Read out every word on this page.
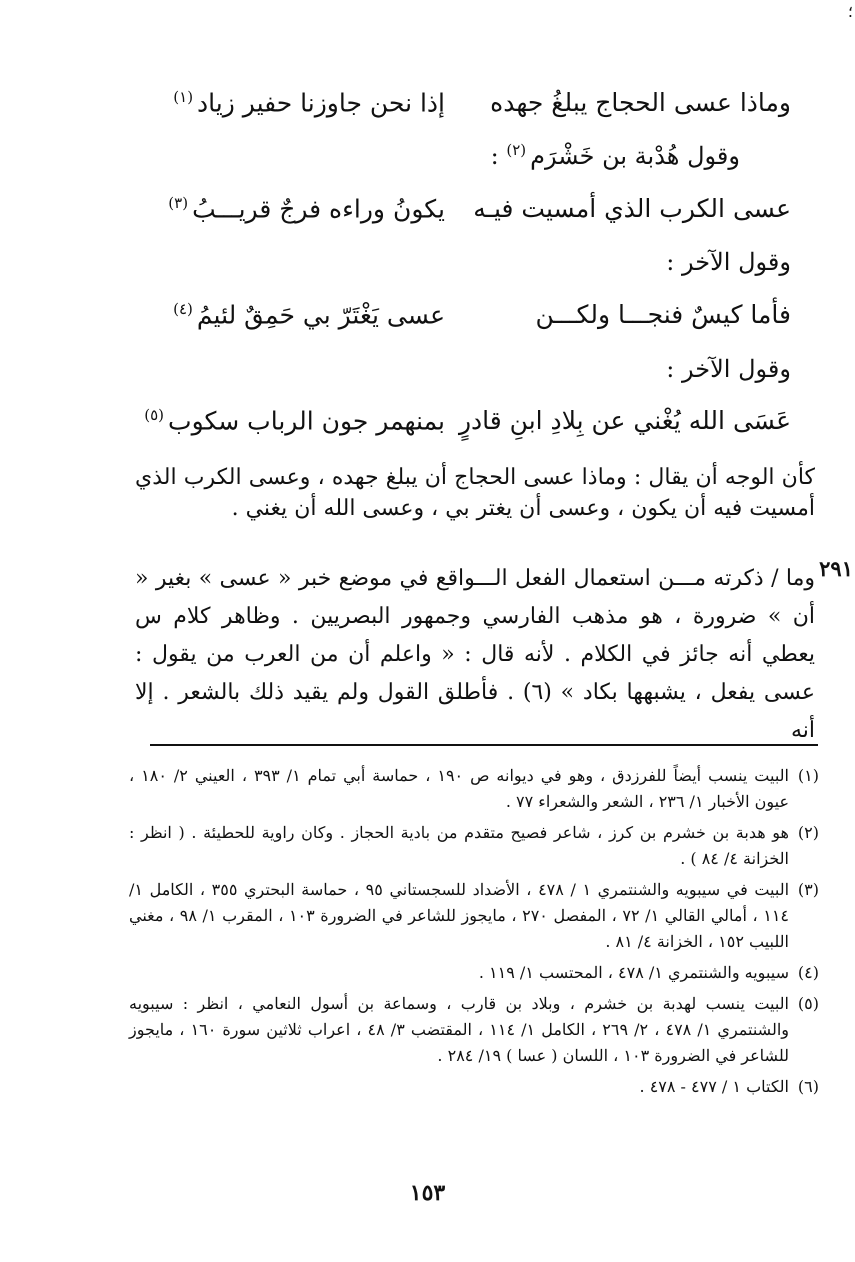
؛
وماذا عسى الحجاج يبلغُ جهده
إذا نحن جاوزنا حفير زياد$^{(١)}$
وقول هُدْبة بن خَشْرَم$^{(٢)}$ :
عسى الكرب الذي أمسيت فيـه
يكونُ وراءه فرجٌ قريـــبُ$^{(٣)}$
وقول الآخر :
فأما كيسٌ فنجـــا ولكـــن
عسى يَغْتَرّ بي حَمِقٌ لئيمُ$^{(٤)}$
وقول الآخر :
عَسَى الله يُغْني عن بِلادِ ابنِ قادرٍ
بمنهمر جون الرباب سكوب$^{(٥)}$

كأن الوجه أن يقال : وماذا عسى الحجاج أن يبلغ جهده ، وعسى الكرب الذي أمسيت فيه أن يكون ، وعسى أن يغتر بي ، وعسى الله أن يغني .

٢٩١

وما / ذكرته مـــن استعمال الفعل الـــواقع في موضع خبر « عسى » بغير « أن » ضرورة ، هو مذهب الفارسي وجمهور البصريين . وظاهر كلام س يعطي أنه جائز في الكلام . لأنه قال : « واعلم أن من العرب من يقول : عسى يفعل ، يشبهها بكاد » (٦) . فأطلق القول ولم يقيد ذلك بالشعر . إلا أنه

(١)
البيت ينسب أيضاً للفرزدق ، وهو في ديوانه ص ١٩٠ ، حماسة أبي تمام ١/ ٣٩٣ ، العيني ٢/ ١٨٠ ، عيون الأخبار ١/ ٢٣٦ ، الشعر والشعراء ٧٧ .
(٢)
هو هدبة بن خشرم بن كرز ، شاعر فصيح متقدم من بادية الحجاز . وكان راوية للحطيئة . ( انظر : الخزانة ٤/ ٨٤ ) .
(٣)
البيت في سيبويه والشنتمري ١ / ٤٧٨ ، الأضداد للسجستاني ٩٥ ، حماسة البحتري ٣٥٥ ، الكامل ١/ ١١٤ ، أمالي القالي ١/ ٧٢ ، المفصل ٢٧٠ ، مايجوز للشاعر في الضرورة ١٠٣ ، المقرب ١/ ٩٨ ، مغني اللبيب ١٥٢ ، الخزانة ٤/ ٨١ .
(٤)
سيبويه والشنتمري ١/ ٤٧٨ ، المحتسب ١/ ١١٩ .
(٥)
البيت ينسب لهدبة بن خشرم ، وبلاد بن قارب ، وسماعة بن أسول النعامي ، انظر : سيبويه والشنتمري ١/ ٤٧٨ ، ٢/ ٢٦٩ ، الكامل ١/ ١١٤ ، المقتضب ٣/ ٤٨ ، اعراب ثلاثين سورة ١٦٠ ، مايجوز للشاعر في الضرورة ١٠٣ ، اللسان ( عسا ) ١٩/ ٢٨٤ .
(٦)
الكتاب ١ / ٤٧٧ - ٤٧٨ .
١٥٣
